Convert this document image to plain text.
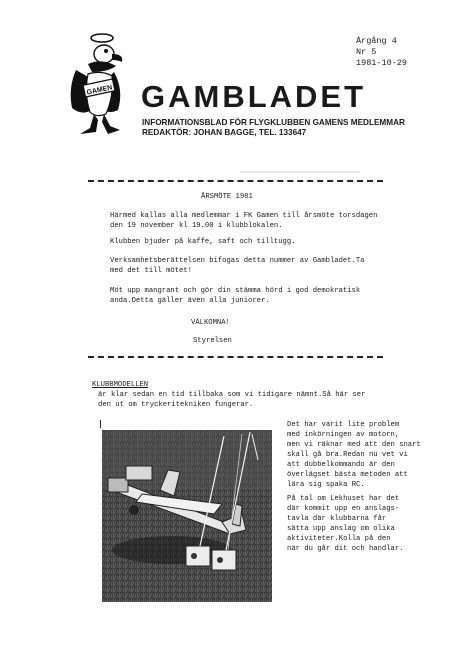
GAMEN
Årgång 4
Nr 5
1981-10-29
GAMBLADET
INFORMATIONSBLAD FÖR FLYGKLUBBEN GAMENS MEDLEMMAR
REDAKTÖR: JOHAN BAGGE, TEL. 133647
ÅRSMÖTE 1981
Härmed kallas alla medlemmar i FK Gamen till årsmöte torsdagen
den 19 november kl 19.00 i klubblokalen.
Klubben bjuder på kaffe, saft och tilltugg.
Verksamhetsberättelsen bifogas detta nummer av Gambladet.Ta
med det till mötet!
Möt upp mangrant och gör din stämma hörd i god demokratisk
anda.Detta gäller även alla juniorer.
VÄLKOMNA!
Styrelsen
KLUBBMODELLEN
är klar sedan en tid tillbaka som vi tidigare nämnt.Så här ser
den ut om tryckeritekniken fungerar.
Det har varit lite problem
med inkörningen av motorn,
men vi räknar med att den snart
skall gå bra.Redan nu vet vi
att dubbelkommando är den
överlägset bästa metoden att
lära sig spaka RC.
På tal om Lekhuset har det
där kommit upp en anslags-
tavla där klubbarna får
sätta upp anslag om olika
aktiviteter.Kolla på den
när du går dit och handlar.
